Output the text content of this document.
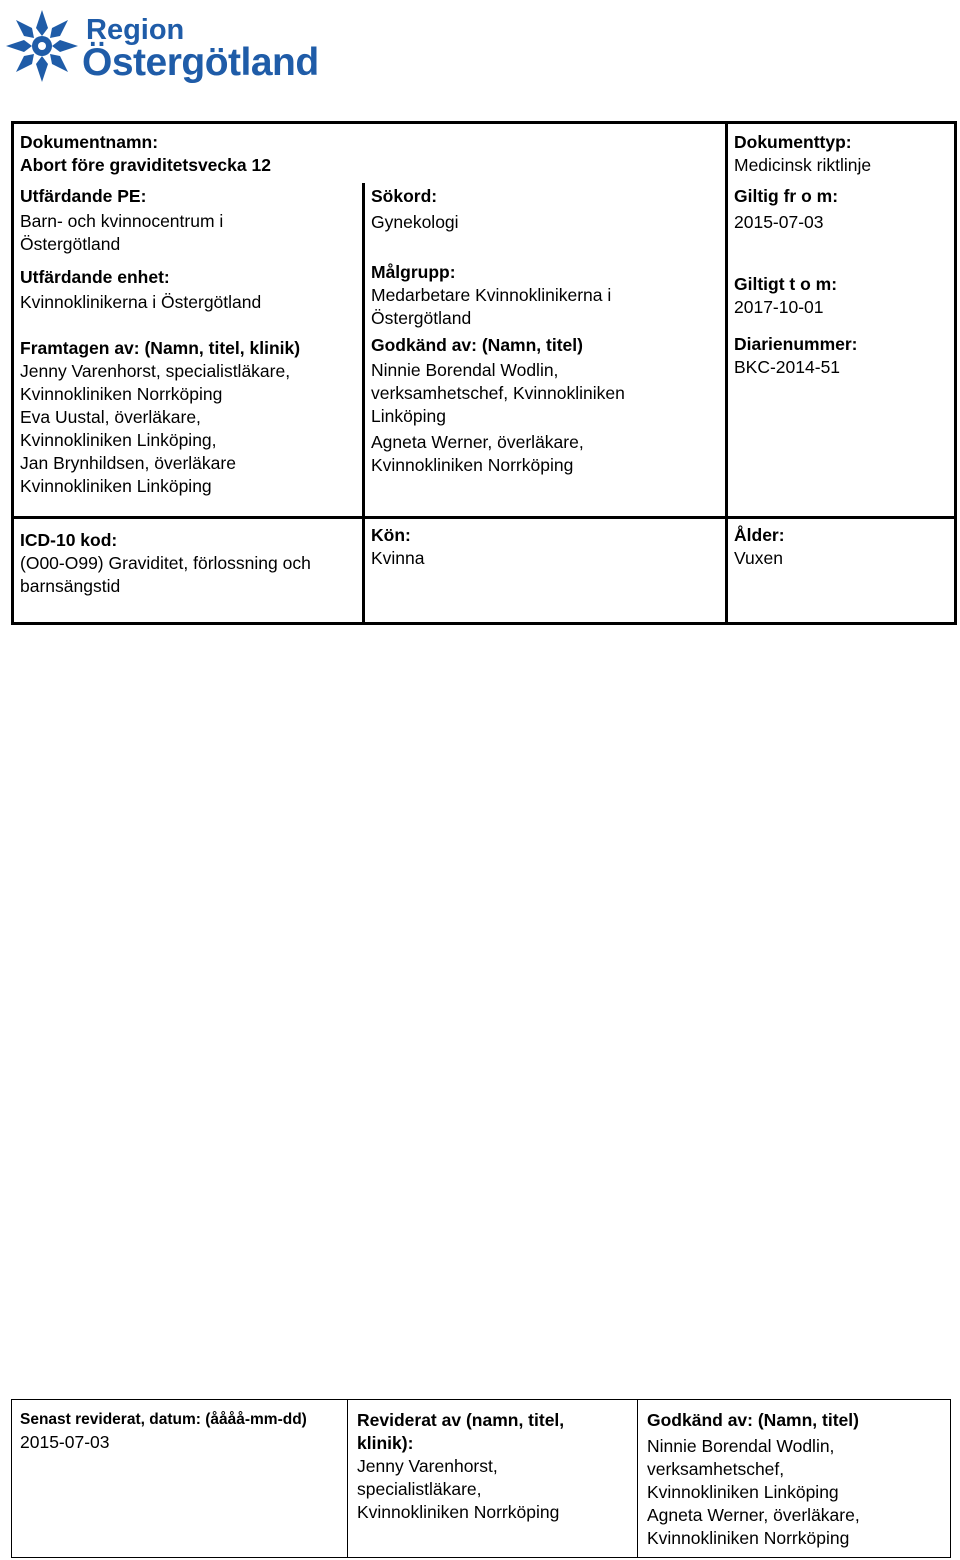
Region
Östergötland
Dokumentnamn:
Abort före graviditetsvecka 12
Utfärdande PE:
Barn- och kvinnocentrum i
Östergötland
Utfärdande enhet:
Kvinnoklinikerna i Östergötland
Framtagen av: (Namn, titel, klinik)
Jenny Varenhorst, specialistläkare,
Kvinnokliniken Norrköping
Eva Uustal, överläkare,
Kvinnokliniken Linköping,
Jan Brynhildsen, överläkare
Kvinnokliniken Linköping
ICD-10 kod:
(O00-O99) Graviditet, förlossning och
barnsängstid
Sökord:
Gynekologi
Målgrupp:
Medarbetare Kvinnoklinikerna i
Östergötland
Godkänd av: (Namn, titel)
Ninnie Borendal Wodlin,
verksamhetschef, Kvinnokliniken
Linköping
Agneta Werner, överläkare,
Kvinnokliniken Norrköping
Kön:
Kvinna
Dokumenttyp:
Medicinsk riktlinje
Giltig fr o m:
2015-07-03
Giltigt t o m:
2017-10-01
Diarienummer:
BKC-2014-51
Ålder:
Vuxen
Senast reviderat, datum: (åååå-mm-dd)
2015-07-03
Reviderat av (namn, titel,
klinik):
Jenny Varenhorst,
specialistläkare,
Kvinnokliniken Norrköping
Godkänd av: (Namn, titel)
Ninnie Borendal Wodlin,
verksamhetschef,
Kvinnokliniken Linköping
Agneta Werner, överläkare,
Kvinnokliniken Norrköping
